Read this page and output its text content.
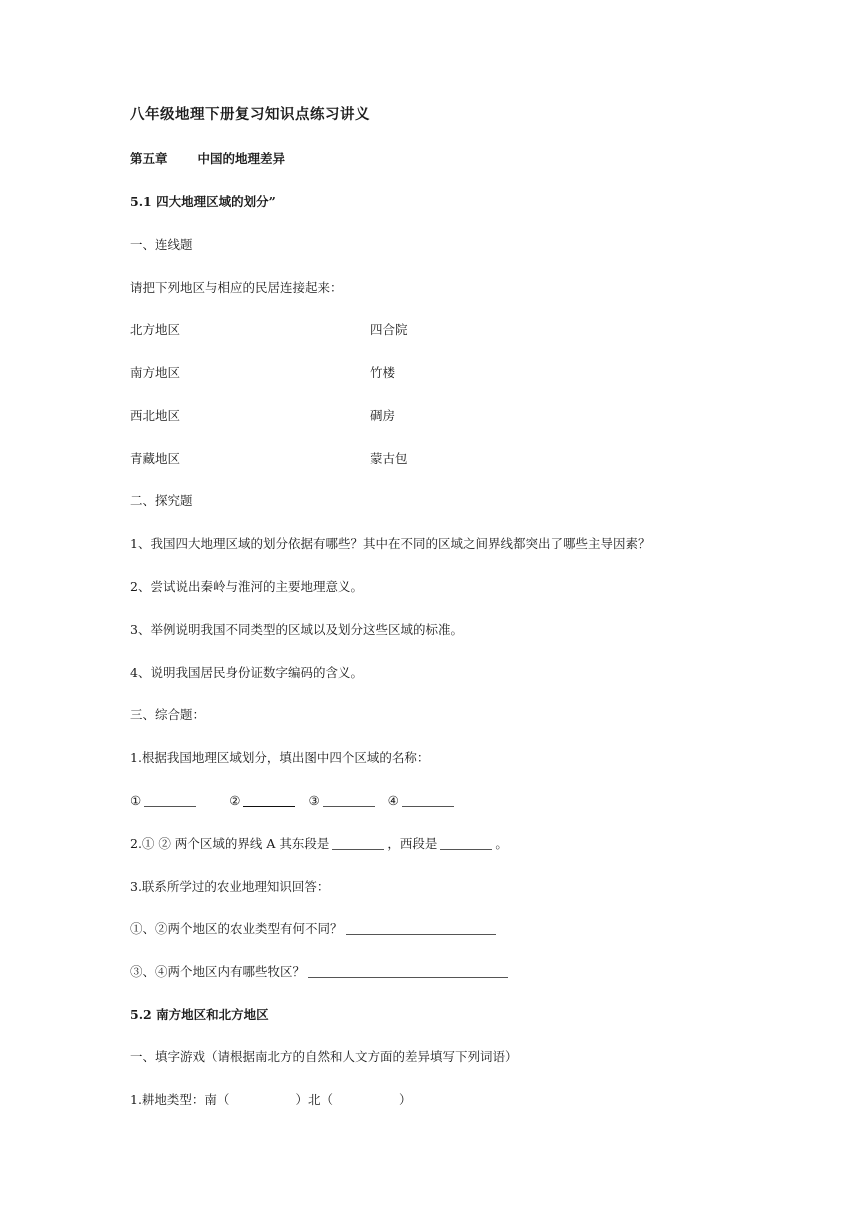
八年级地理下册复习知识点练习讲义
第五章 中国的地理差异
5.1 四大地理区域的划分”
一、连线题
请把下列地区与相应的民居连接起来：
北方地区	四合院
南方地区	竹楼
西北地区	碉房
青藏地区	蒙古包
二、探究题
1、我国四大地理区域的划分依据有哪些？其中在不同的区域之间界线都突出了哪些主导因素？
2、尝试说出秦岭与淮河的主要地理意义。
3、举例说明我国不同类型的区域以及划分这些区域的标准。
4、说明我国居民身份证数字编码的含义。
三、综合题：
1.根据我国地理区域划分，填出图中四个区域的名称：
①	②	③	④
2.① ② 两个区域的界线 A 其东段是	，西段是	。
3.联系所学过的农业地理知识回答：
①、②两个地区的农业类型有何不同？
③、④两个地区内有哪些牧区？
5.2 南方地区和北方地区
一、填字游戏（请根据南北方的自然和人文方面的差异填写下列词语）
1.耕地类型：南（	）北（	）
